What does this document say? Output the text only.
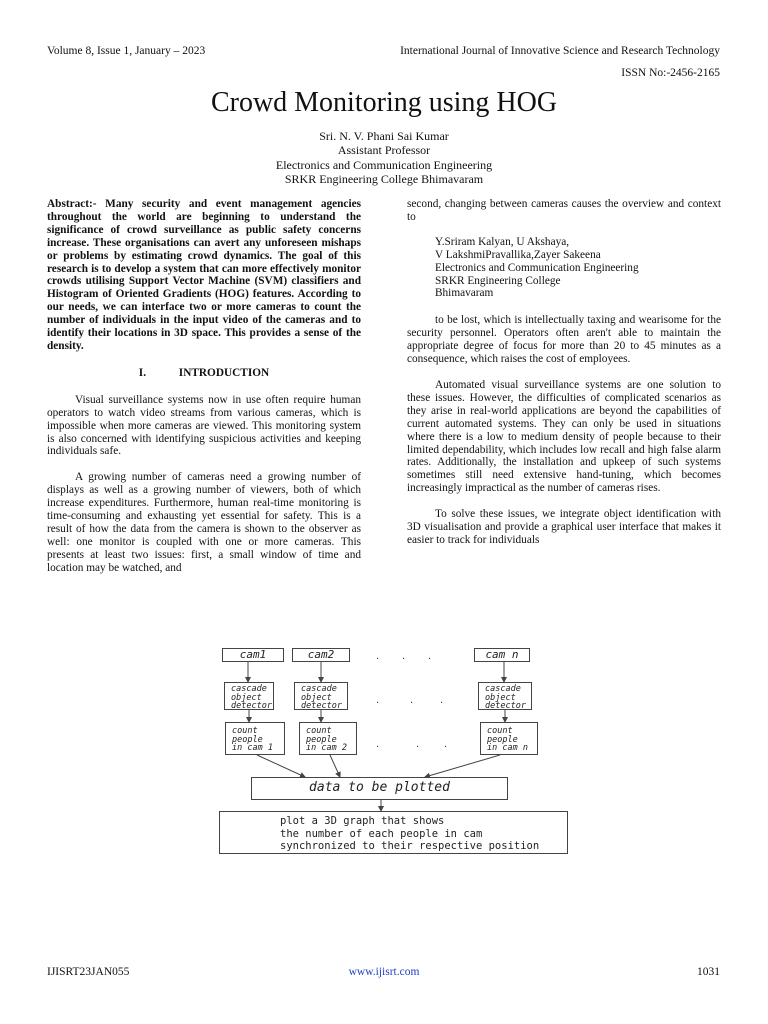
Volume 8, Issue 1, January – 2023	International Journal of Innovative Science and Research Technology
ISSN No:-2456-2165
Crowd Monitoring using HOG
Sri. N. V. Phani Sai Kumar
Assistant Professor
Electronics and Communication Engineering
SRKR Engineering College Bhimavaram

Abstract:- Many security and event management agencies throughout the world are beginning to understand the significance of crowd surveillance as public safety concerns increase. These organisations can avert any unforeseen mishaps or problems by estimating crowd dynamics. The goal of this research is to develop a system that can more effectively monitor crowds utilising Support Vector Machine (SVM) classifiers and Histogram of Oriented Gradients (HOG) features. According to our needs, we can interface two or more cameras to count the number of individuals in the input video of the cameras and to identify their locations in 3D space. This provides a sense of the density.

I.	INTRODUCTION

Visual surveillance systems now in use often require human operators to watch video streams from various cameras, which is impossible when more cameras are viewed. This monitoring system is also concerned with identifying suspicious activities and keeping individuals safe.

A growing number of cameras need a growing number of displays as well as a growing number of viewers, both of which increase expenditures. Furthermore, human real-time monitoring is time-consuming and exhausting yet essential for safety. This is a result of how the data from the camera is shown to the observer as well: one monitor is coupled with one or more cameras. This presents at least two issues: first, a small window of time and location may be watched, and

second, changing between cameras causes the overview and context to

Y.Sriram Kalyan, U Akshaya,
V LakshmiPravallika,Zayer Sakeena
Electronics and Communication Engineering
SRKR Engineering College
Bhimavaram

to be lost, which is intellectually taxing and wearisome for the security personnel. Operators often aren't able to maintain the appropriate degree of focus for more than 20 to 45 minutes as a consequence, which raises the cost of employees.

Automated visual surveillance systems are one solution to these issues. However, the difficulties of complicated scenarios as they arise in real-world applications are beyond the capabilities of current automated systems. They can only be used in situations where there is a low to medium density of people because to their limited dependability, which includes low recall and high false alarm rates. Additionally, the installation and upkeep of such systems sometimes still need extensive hand-tuning, which becomes increasingly impractical as the number of cameras rises.

To solve these issues, we integrate object identification with 3D visualisation and provide a graphical user interface that makes it easier to track for individuals

cam1	cam2	cam n
cascade
object
detector
cascade
object
detector
cascade
object
detector
count
people
in cam 1
count
people
in cam 2
count
people
in cam n
data to be plotted
plot a 3D graph that shows
the number of each people in cam
synchronized to their respective position
· · ·
·	·	·
·	· ·
IJISRT23JAN055	www.ijisrt.com	1031
